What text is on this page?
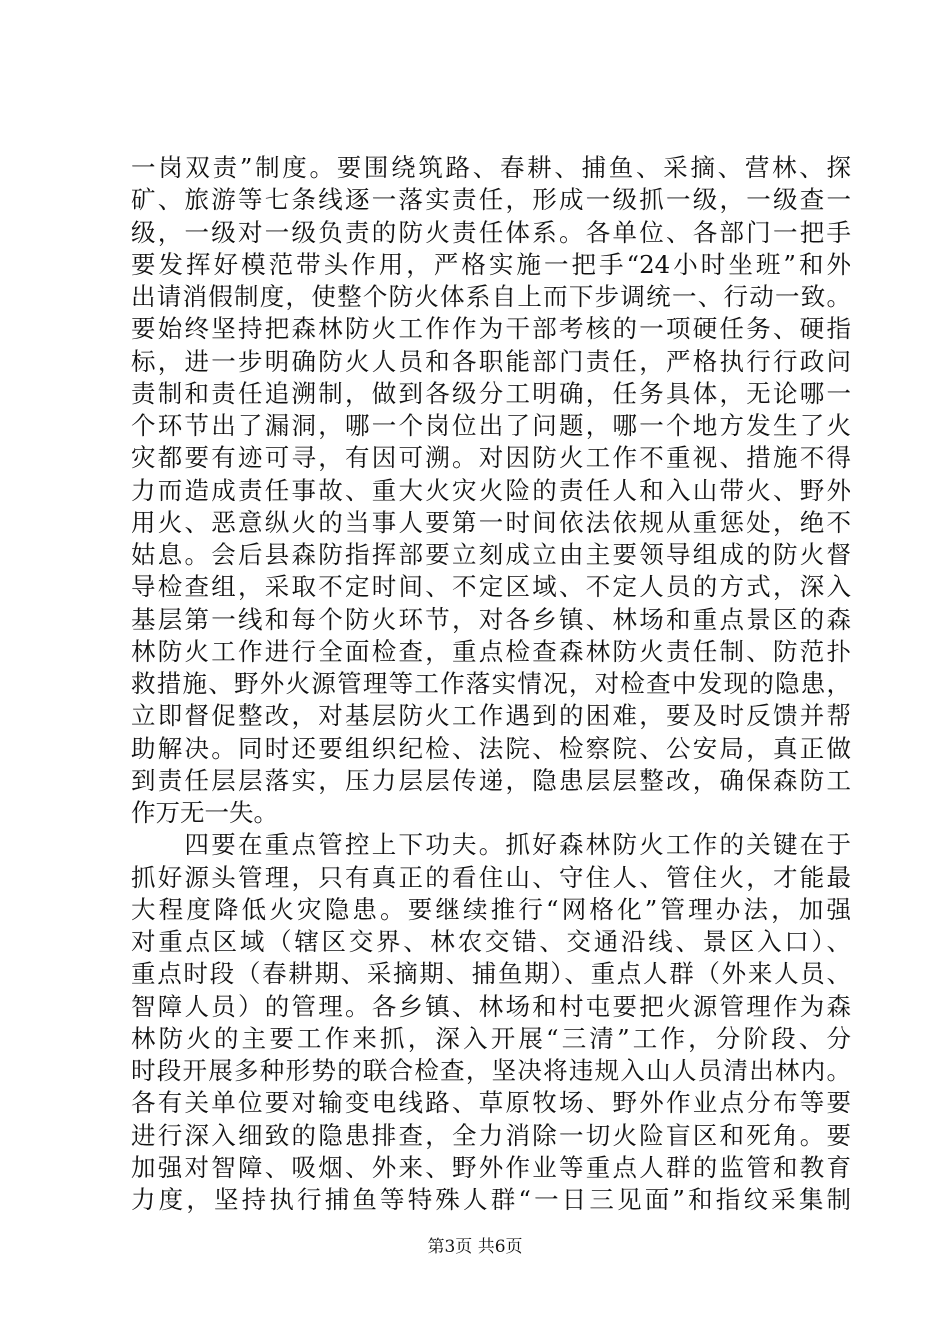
一岗双责”制度。要围绕筑路、春耕、捕鱼、采摘、营林、探
矿、旅游等七条线逐一落实责任，形成一级抓一级，一级查一
级，一级对一级负责的防火责任体系。各单位、各部门一把手
要发挥好模范带头作用，严格实施一把手“24小时坐班”和外
出请消假制度，使整个防火体系自上而下步调统一、行动一致。
要始终坚持把森林防火工作作为干部考核的一项硬任务、硬指
标，进一步明确防火人员和各职能部门责任，严格执行行政问
责制和责任追溯制，做到各级分工明确，任务具体，无论哪一
个环节出了漏洞，哪一个岗位出了问题，哪一个地方发生了火
灾都要有迹可寻，有因可溯。对因防火工作不重视、措施不得
力而造成责任事故、重大火灾火险的责任人和入山带火、野外
用火、恶意纵火的当事人要第一时间依法依规从重惩处，绝不
姑息。会后县森防指挥部要立刻成立由主要领导组成的防火督
导检查组，采取不定时间、不定区域、不定人员的方式，深入
基层第一线和每个防火环节，对各乡镇、林场和重点景区的森
林防火工作进行全面检查，重点检查森林防火责任制、防范扑
救措施、野外火源管理等工作落实情况，对检查中发现的隐患，
立即督促整改，对基层防火工作遇到的困难，要及时反馈并帮
助解决。同时还要组织纪检、法院、检察院、公安局，真正做
到责任层层落实，压力层层传递，隐患层层整改，确保森防工
作万无一失。
　　四要在重点管控上下功夫。抓好森林防火工作的关键在于
抓好源头管理，只有真正的看住山、守住人、管住火，才能最
大程度降低火灾隐患。要继续推行“网格化”管理办法，加强
对重点区域（辖区交界、林农交错、交通沿线、景区入口）、
重点时段（春耕期、采摘期、捕鱼期）、重点人群（外来人员、
智障人员）的管理。各乡镇、林场和村屯要把火源管理作为森
林防火的主要工作来抓，深入开展“三清”工作，分阶段、分
时段开展多种形势的联合检查，坚决将违规入山人员清出林内。
各有关单位要对输变电线路、草原牧场、野外作业点分布等要
进行深入细致的隐患排查，全力消除一切火险盲区和死角。要
加强对智障、吸烟、外来、野外作业等重点人群的监管和教育
力度，坚持执行捕鱼等特殊人群“一日三见面”和指纹采集制
第3页 共6页
